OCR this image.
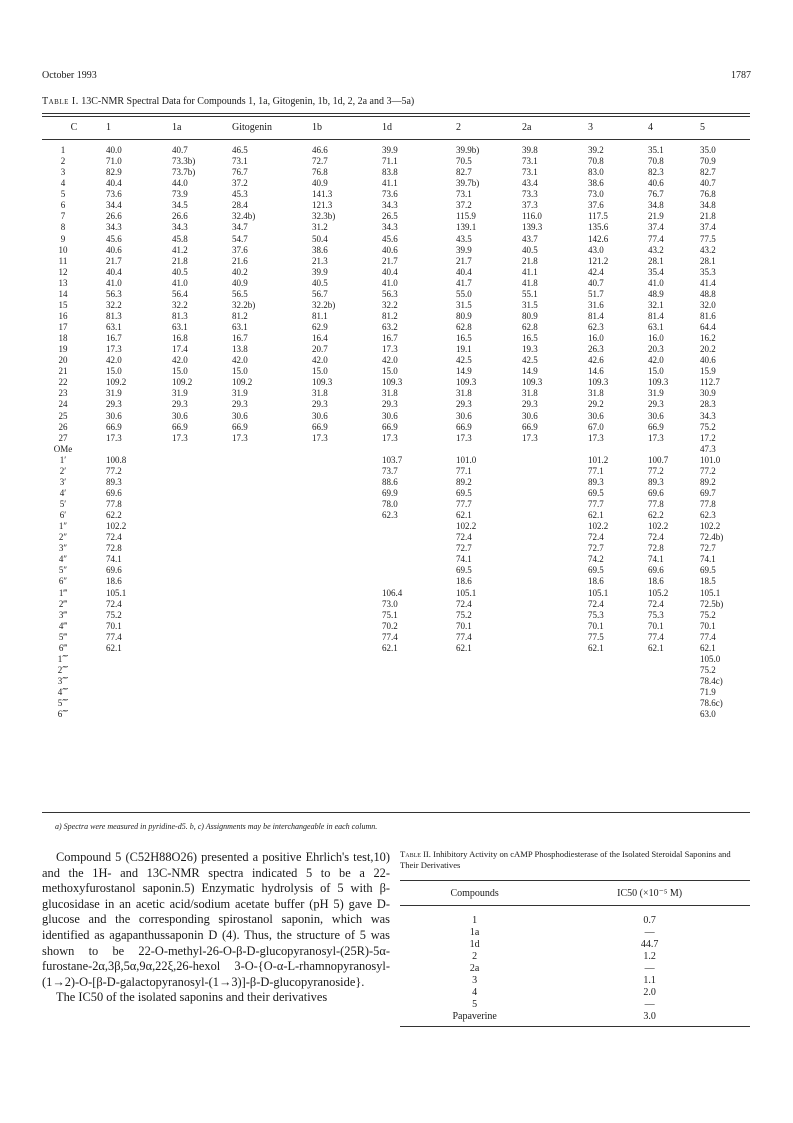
October 1993	1787
Table I. 13C-NMR Spectral Data for Compounds 1, 1a, Gitogenin, 1b, 1d, 2, 2a and 3—5a)
C	1	1a	Gitogenin	1b	1d	2	2a	3	4	5
1	40.0	40.7	46.5	46.6	39.9	39.9b)	39.8	39.2	35.1	35.0
2	71.0	73.3b)	73.1	72.7	71.1	70.5	73.1	70.8	70.8	70.9
3	82.9	73.7b)	76.7	76.8	83.8	82.7	73.1	83.0	82.3	82.7
4	40.4	44.0	37.2	40.9	41.1	39.7b)	43.4	38.6	40.6	40.7
5	73.6	73.9	45.3	141.3	73.6	73.1	73.3	73.0	76.7	76.8
6	34.4	34.5	28.4	121.3	34.3	37.2	37.3	37.6	34.8	34.8
7	26.6	26.6	32.4b)	32.3b)	26.5	115.9	116.0	117.5	21.9	21.8
8	34.3	34.3	34.7	31.2	34.3	139.1	139.3	135.6	37.4	37.4
9	45.6	45.8	54.7	50.4	45.6	43.5	43.7	142.6	77.4	77.5
10	40.6	41.2	37.6	38.6	40.6	39.9	40.5	43.0	43.2	43.2
11	21.7	21.8	21.6	21.3	21.7	21.7	21.8	121.2	28.1	28.1
12	40.4	40.5	40.2	39.9	40.4	40.4	41.1	42.4	35.4	35.3
13	41.0	41.0	40.9	40.5	41.0	41.7	41.8	40.7	41.0	41.4
14	56.3	56.4	56.5	56.7	56.3	55.0	55.1	51.7	48.9	48.8
15	32.2	32.2	32.2b)	32.2b)	32.2	31.5	31.5	31.6	32.1	32.0
16	81.3	81.3	81.2	81.1	81.2	80.9	80.9	81.4	81.4	81.6
17	63.1	63.1	63.1	62.9	63.2	62.8	62.8	62.3	63.1	64.4
18	16.7	16.8	16.7	16.4	16.7	16.5	16.5	16.0	16.0	16.2
19	17.3	17.4	13.8	20.7	17.3	19.1	19.3	26.3	20.3	20.2
20	42.0	42.0	42.0	42.0	42.0	42.5	42.5	42.6	42.0	40.6
21	15.0	15.0	15.0	15.0	15.0	14.9	14.9	14.6	15.0	15.9
22	109.2	109.2	109.2	109.3	109.3	109.3	109.3	109.3	109.3	112.7
23	31.9	31.9	31.9	31.8	31.8	31.8	31.8	31.8	31.9	30.9
24	29.3	29.3	29.3	29.3	29.3	29.3	29.3	29.2	29.3	28.3
25	30.6	30.6	30.6	30.6	30.6	30.6	30.6	30.6	30.6	34.3
26	66.9	66.9	66.9	66.9	66.9	66.9	66.9	67.0	66.9	75.2
27	17.3	17.3	17.3	17.3	17.3	17.3	17.3	17.3	17.3	17.2
OMe										47.3
1′	100.8				103.7	101.0		101.2	100.7	101.0
2′	77.2				73.7	77.1		77.1	77.2	77.2
3′	89.3				88.6	89.2		89.3	89.3	89.2
4′	69.6				69.9	69.5		69.5	69.6	69.7
5′	77.8				78.0	77.7		77.7	77.8	77.8
6′	62.2				62.3	62.1		62.1	62.2	62.3
1″	102.2					102.2		102.2	102.2	102.2
2″	72.4					72.4		72.4	72.4	72.4b)
3″	72.8					72.7		72.7	72.8	72.7
4″	74.1					74.1		74.2	74.1	74.1
5″	69.6					69.5		69.5	69.6	69.5
6″	18.6					18.6		18.6	18.6	18.5
1‴	105.1				106.4	105.1		105.1	105.2	105.1
2‴	72.4				73.0	72.4		72.4	72.4	72.5b)
3‴	75.2				75.1	75.2		75.3	75.3	75.2
4‴	70.1				70.2	70.1		70.1	70.1	70.1
5‴	77.4				77.4	77.4		77.5	77.4	77.4
6‴	62.1				62.1	62.1		62.1	62.1	62.1
1⁗										105.0
2⁗										75.2
3⁗										78.4c)
4⁗										71.9
5⁗										78.6c)
6⁗										63.0
a) Spectra were measured in pyridine-d5. b, c) Assignments may be interchangeable in each column.

Compound 5 (C52H88O26) presented a positive Ehrlich's test,10) and the 1H- and 13C-NMR spectra indicated 5 to be a 22-methoxyfurostanol saponin.5) Enzymatic hydrolysis of 5 with β-glucosidase in an acetic acid/sodium acetate buffer (pH 5) gave D-glucose and the corresponding spirostanol saponin, which was identified as agapanthussaponin D (4). Thus, the structure of 5 was shown to be 22-O-methyl-26-O-β-D-glucopyranosyl-(25R)-5α-furostane-2α,3β,5α,9α,22ξ,26-hexol 3-O-{O-α-L-rhamnopyranosyl-(1→2)-O-[β-D-galactopyranosyl-(1→3)]-β-D-glucopyranoside}.

The IC50 of the isolated saponins and their derivatives

Table II. Inhibitory Activity on cAMP Phosphodiesterase of the Isolated Steroidal Saponins and Their Derivatives
Compounds	IC50 (×10⁻⁵ M)
1	0.7
1a	—
1d	44.7
2	1.2
2a	—
3	1.1
4	2.0
5	—
Papaverine	3.0
